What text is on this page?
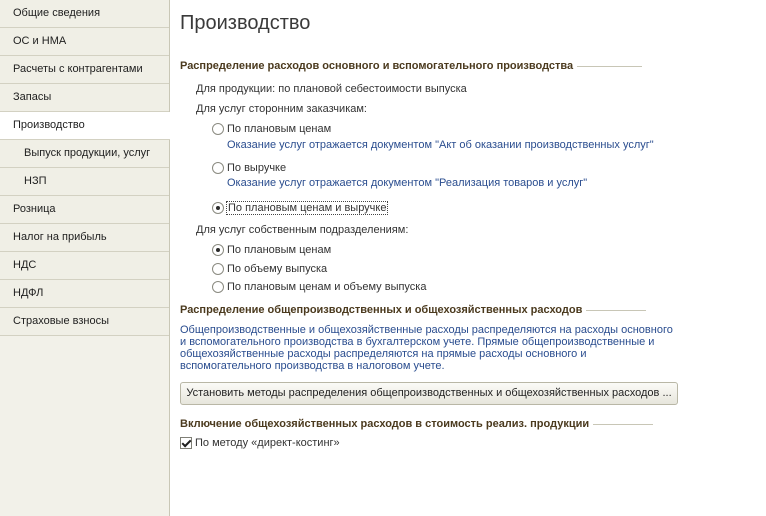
Общие сведения
ОС и НМА
Расчеты с контрагентами
Запасы
Производство
Выпуск продукции, услуг
НЗП
Розница
Налог на прибыль
НДС
НДФЛ
Страховые взносы
Производство
Распределение расходов основного и вспомогательного производства
Для продукции: по плановой себестоимости выпуска
Для услуг сторонним заказчикам:
По плановым ценам
Оказание услуг отражается документом "Акт об оказании производственных услуг"
По выручке
Оказание услуг отражается документом "Реализация товаров и услуг"
По плановым ценам и выручке
Для услуг собственным подразделениям:
По плановым ценам
По объему выпуска
По плановым ценам и объему выпуска
Распределение общепроизводственных и общехозяйственных расходов
Общепроизводственные и общехозяйственные расходы распределяются на расходы основного и вспомогательного производства в бухгалтерском учете. Прямые общепроизводственные и общехозяйственные расходы распределяются на прямые расходы основного и вспомогательного производства в налоговом учете.
Установить методы распределения общепроизводственных и общехозяйственных расходов ...
Включение общехозяйственных расходов в стоимость реализ. продукции
По методу «директ-костинг»
